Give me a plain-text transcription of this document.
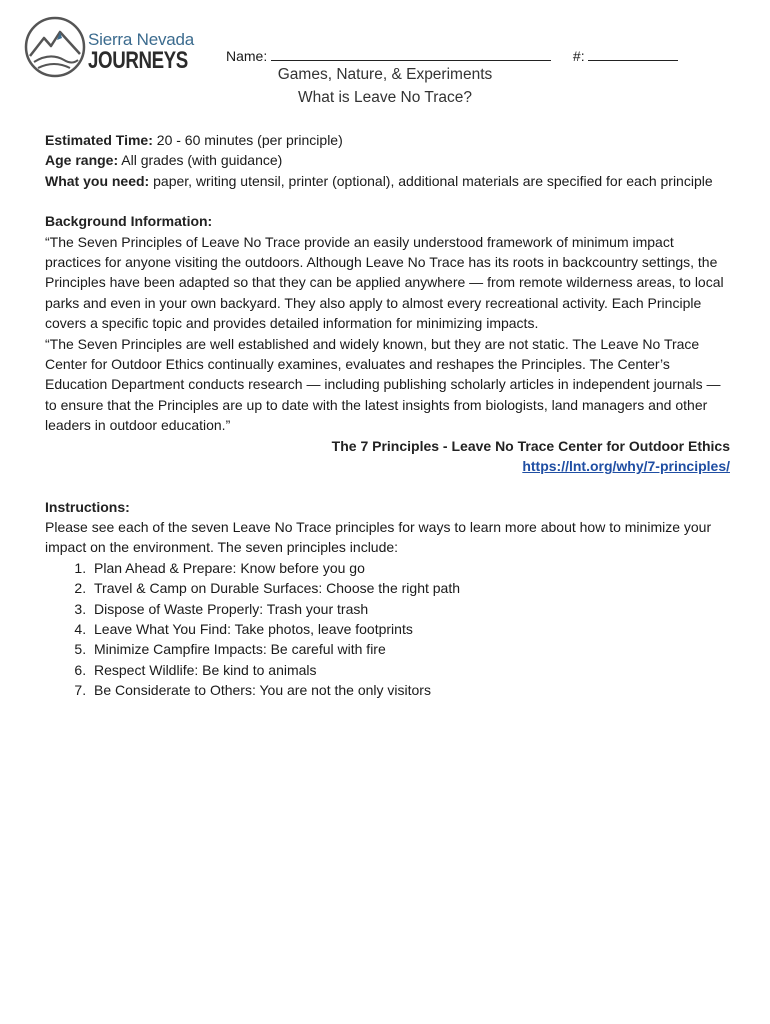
Sierra Nevada
JOURNEYS	Name:	#:
Games, Nature, & Experiments
What is Leave No Trace?

Estimated Time: 20 - 60 minutes (per principle)

Age range: All grades (with guidance)

What you need: paper, writing utensil, printer (optional), additional materials are specified for each principle

Background Information:

“The Seven Principles of Leave No Trace provide an easily understood framework of minimum impact practices for anyone visiting the outdoors. Although Leave No Trace has its roots in backcountry settings, the Principles have been adapted so that they can be applied anywhere — from remote wilderness areas, to local parks and even in your own backyard. They also apply to almost every recreational activity. Each Principle covers a specific topic and provides detailed information for minimizing impacts.

“The Seven Principles are well established and widely known, but they are not static. The Leave No Trace Center for Outdoor Ethics continually examines, evaluates and reshapes the Principles. The Center’s Education Department conducts research — including publishing scholarly articles in independent journals — to ensure that the Principles are up to date with the latest insights from biologists, land managers and other leaders in outdoor education.”

The 7 Principles - Leave No Trace Center for Outdoor Ethics

https://lnt.org/why/7-principles/

Instructions:

Please see each of the seven Leave No Trace principles for ways to learn more about how to minimize your impact on the environment. The seven principles include:

1. Plan Ahead & Prepare: Know before you go
2. Travel & Camp on Durable Surfaces: Choose the right path
3. Dispose of Waste Properly: Trash your trash
4. Leave What You Find: Take photos, leave footprints
5. Minimize Campfire Impacts: Be careful with fire
6. Respect Wildlife: Be kind to animals
7. Be Considerate to Others: You are not the only visitors
